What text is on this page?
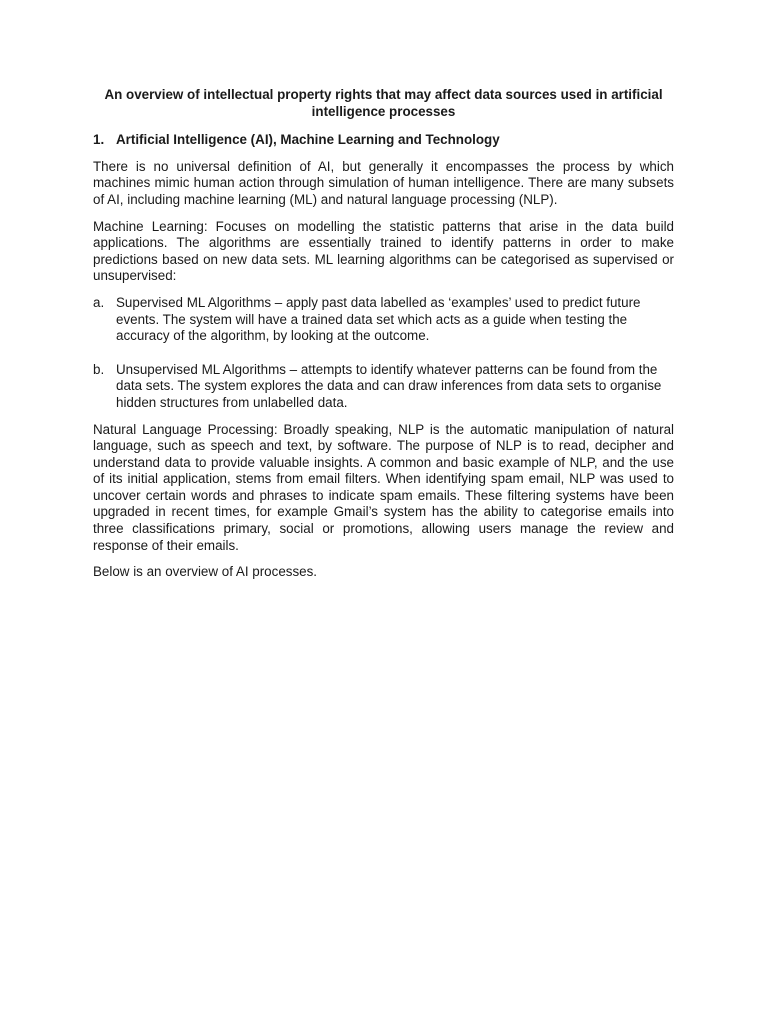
An overview of intellectual property rights that may affect data sources used in artificial intelligence processes
1. Artificial Intelligence (AI), Machine Learning and Technology

There is no universal definition of AI, but generally it encompasses the process by which machines mimic human action through simulation of human intelligence. There are many subsets of AI, including machine learning (ML) and natural language processing (NLP).

Machine Learning: Focuses on modelling the statistic patterns that arise in the data build applications. The algorithms are essentially trained to identify patterns in order to make predictions based on new data sets. ML learning algorithms can be categorised as supervised or unsupervised:

a. Supervised ML Algorithms – apply past data labelled as ‘examples’ used to predict future events. The system will have a trained data set which acts as a guide when testing the accuracy of the algorithm, by looking at the outcome.
b. Unsupervised ML Algorithms – attempts to identify whatever patterns can be found from the data sets. The system explores the data and can draw inferences from data sets to organise hidden structures from unlabelled data.

Natural Language Processing: Broadly speaking, NLP is the automatic manipulation of natural language, such as speech and text, by software. The purpose of NLP is to read, decipher and understand data to provide valuable insights. A common and basic example of NLP, and the use of its initial application, stems from email filters. When identifying spam email, NLP was used to uncover certain words and phrases to indicate spam emails. These filtering systems have been upgraded in recent times, for example Gmail’s system has the ability to categorise emails into three classifications primary, social or promotions, allowing users manage the review and response of their emails.

Below is an overview of AI processes.
